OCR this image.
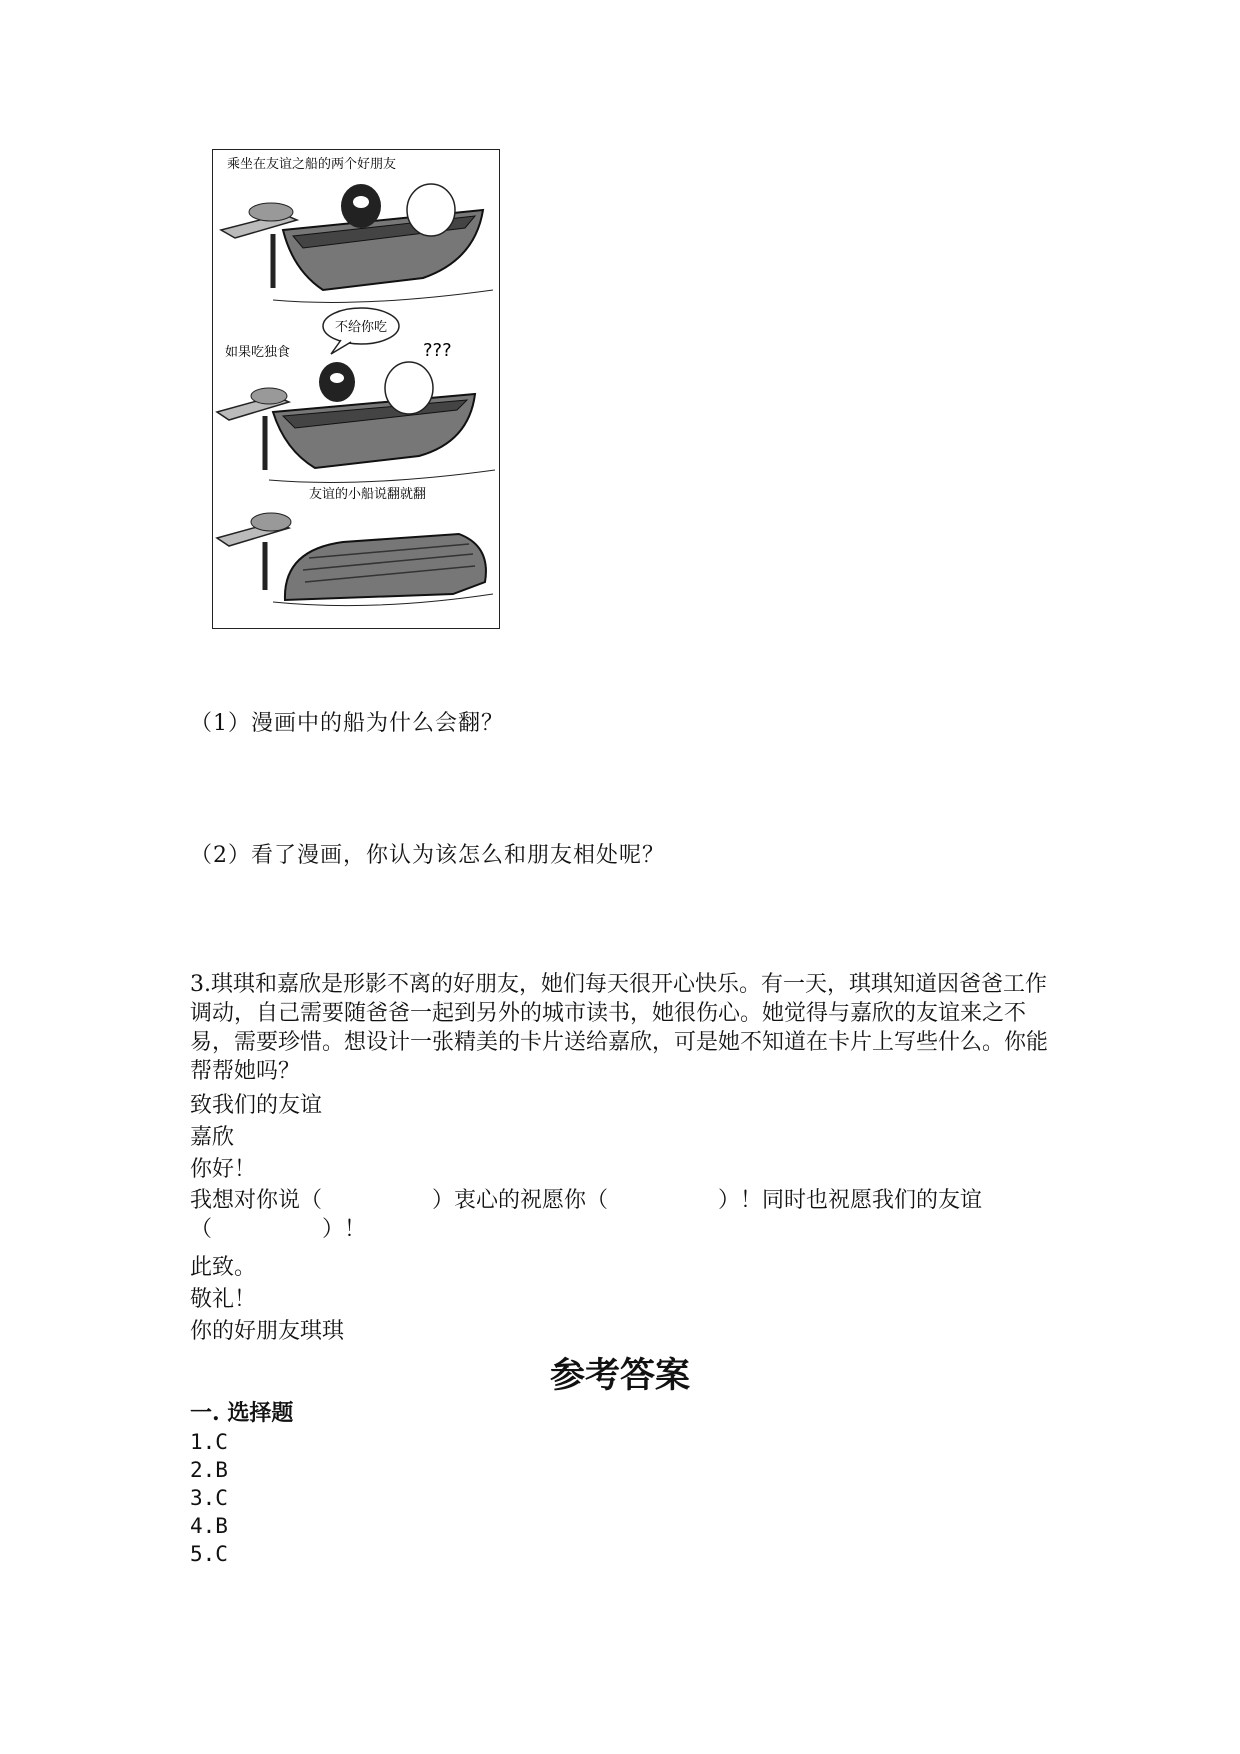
乘坐在友谊之船的两个好朋友
不给你吃
???
如果吃独食
友谊的小船说翻就翻
（1）漫画中的船为什么会翻？
（2）看了漫画，你认为该怎么和朋友相处呢？
3.琪琪和嘉欣是形影不离的好朋友，她们每天很开心快乐。有一天，琪琪知道因爸爸工作调动，自己需要随爸爸一起到另外的城市读书，她很伤心。她觉得与嘉欣的友谊来之不易，需要珍惜。想设计一张精美的卡片送给嘉欣，可是她不知道在卡片上写些什么。你能帮帮她吗？
致我们的友谊
嘉欣
你好！
我想对你说（　　　　　）衷心的祝愿你（　　　　　）！同时也祝愿我们的友谊（　　　　　）！
此致。
敬礼！
你的好朋友琪琪
参考答案
一. 选择题
1.C
2.B
3.C
4.B
5.C
